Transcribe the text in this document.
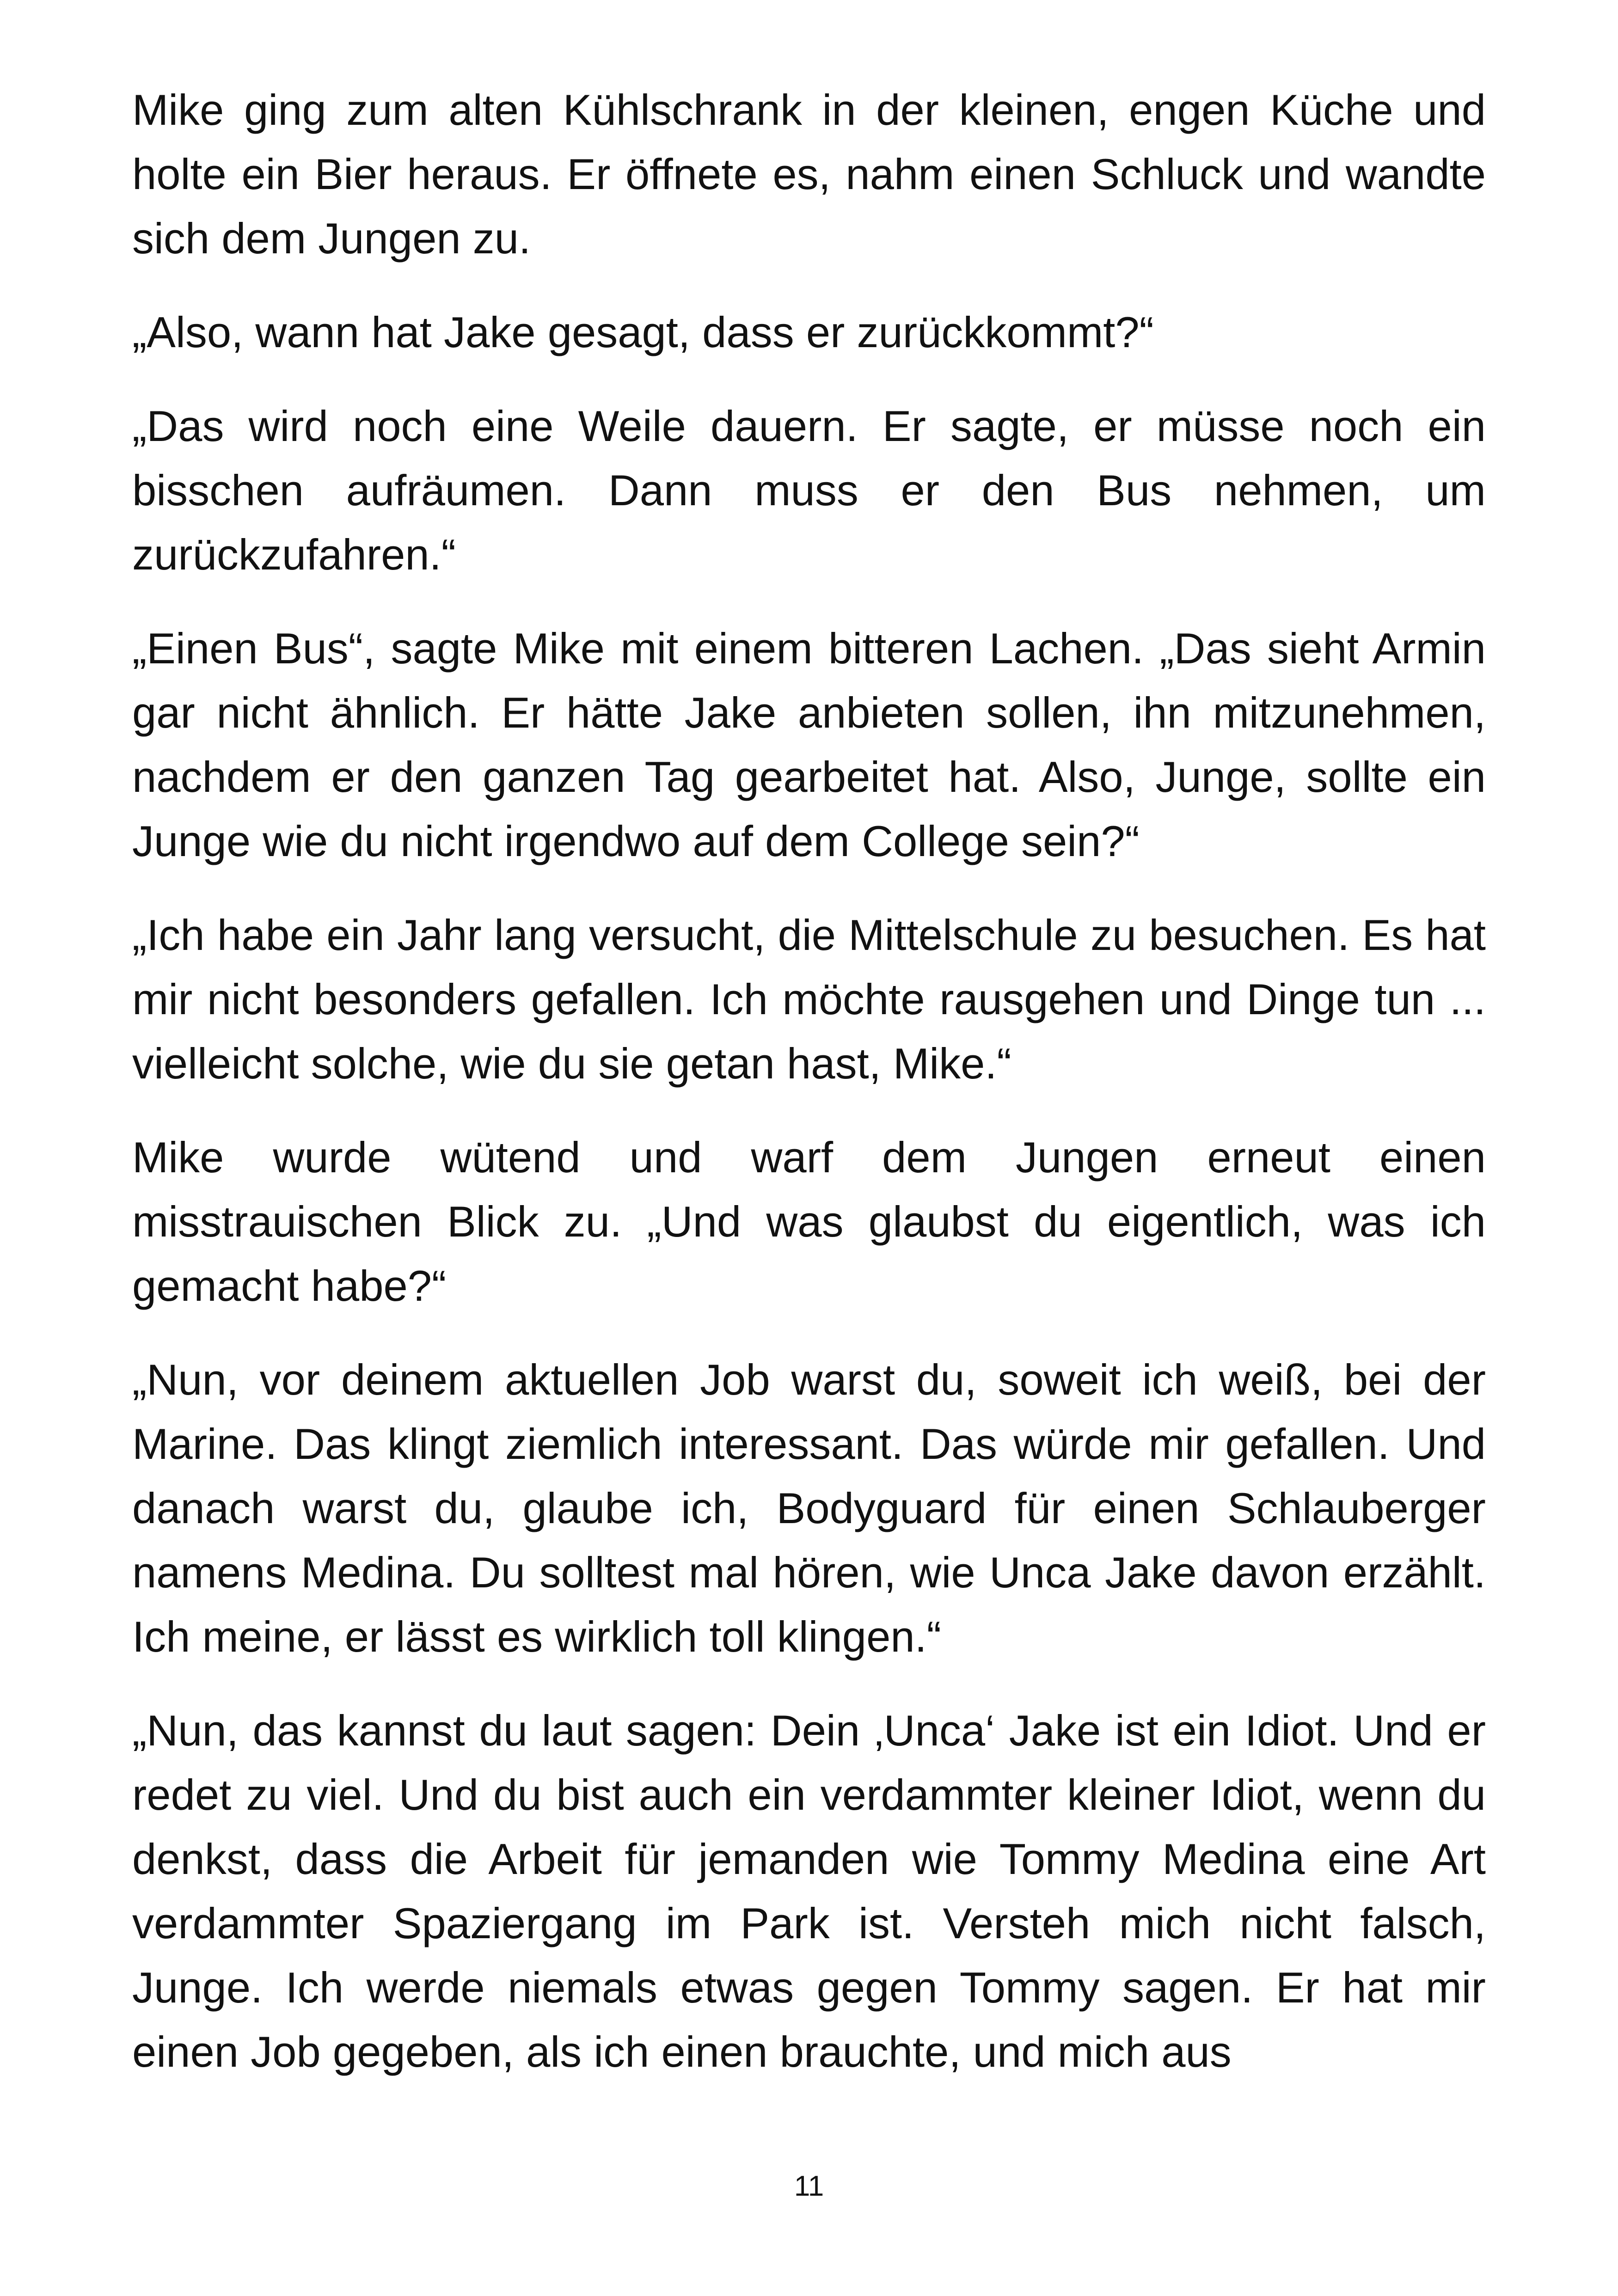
Mike ging zum alten Kühlschrank in der kleinen, engen Küche und holte ein Bier heraus. Er öffnete es, nahm einen Schluck und wandte sich dem Jungen zu.

„Also, wann hat Jake gesagt, dass er zurückkommt?“

„Das wird noch eine Weile dauern. Er sagte, er müsse noch ein bisschen aufräumen. Dann muss er den Bus nehmen, um zurückzufahren.“

„Einen Bus“, sagte Mike mit einem bitteren Lachen. „Das sieht Armin gar nicht ähnlich. Er hätte Jake anbieten sollen, ihn mitzunehmen, nachdem er den ganzen Tag gearbeitet hat. Also, Junge, sollte ein Junge wie du nicht irgendwo auf dem College sein?“

„Ich habe ein Jahr lang versucht, die Mittelschule zu besuchen. Es hat mir nicht besonders gefallen. Ich möchte rausgehen und Dinge tun ... vielleicht solche, wie du sie getan hast, Mike.“

Mike wurde wütend und warf dem Jungen erneut einen misstrauischen Blick zu. „Und was glaubst du eigentlich, was ich gemacht habe?“

„Nun, vor deinem aktuellen Job warst du, soweit ich weiß, bei der Marine. Das klingt ziemlich interessant. Das würde mir gefallen. Und danach warst du, glaube ich, Bodyguard für einen Schlauberger namens Medina. Du solltest mal hören, wie Unca Jake davon erzählt. Ich meine, er lässt es wirklich toll klingen.“

„Nun, das kannst du laut sagen: Dein ‚Unca‘ Jake ist ein Idiot. Und er redet zu viel. Und du bist auch ein verdammter kleiner Idiot, wenn du denkst, dass die Arbeit für jemanden wie Tommy Medina eine Art verdammter Spaziergang im Park ist. Versteh mich nicht falsch, Junge. Ich werde niemals etwas gegen Tommy sagen. Er hat mir einen Job gegeben, als ich einen brauchte, und mich aus

11
